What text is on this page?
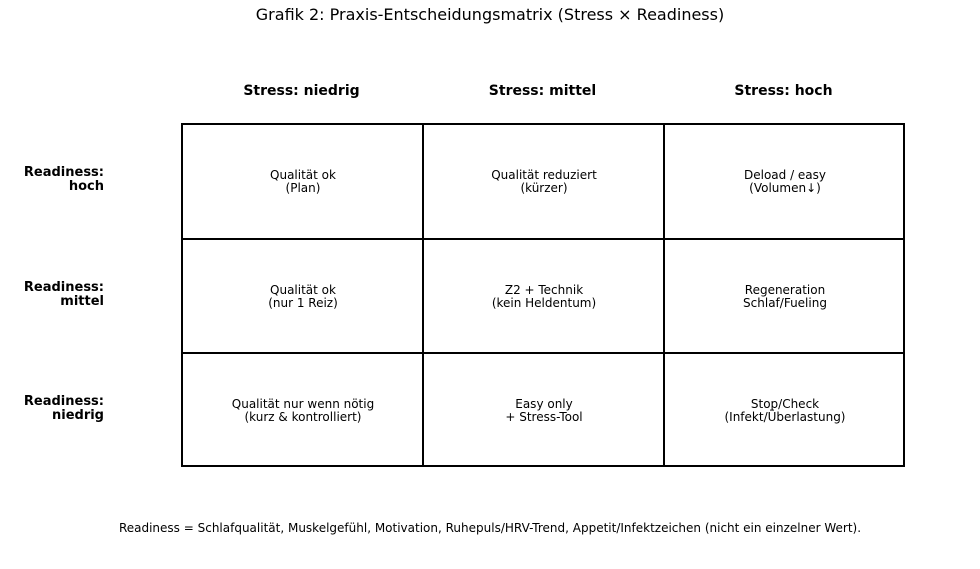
Grafik 2: Praxis-Entscheidungsmatrix (Stress × Readiness)
Stress: niedrig	Stress: mittel	Stress: hoch
Readiness:
hoch
Readiness:
mittel
Readiness:
niedrig
Qualität ok
(Plan)
Qualität reduziert
(kürzer)
Deload / easy
(Volumen↓)
Qualität ok
(nur 1 Reiz)
Z2 + Technik
(kein Heldentum)
Regeneration
Schlaf/Fueling
Qualität nur wenn nötig
(kurz & kontrolliert)
Easy only
+ Stress-Tool
Stop/Check
(Infekt/Überlastung)
Readiness = Schlafqualität, Muskelgefühl, Motivation, Ruhepuls/HRV-Trend, Appetit/Infektzeichen (nicht ein einzelner Wert).
